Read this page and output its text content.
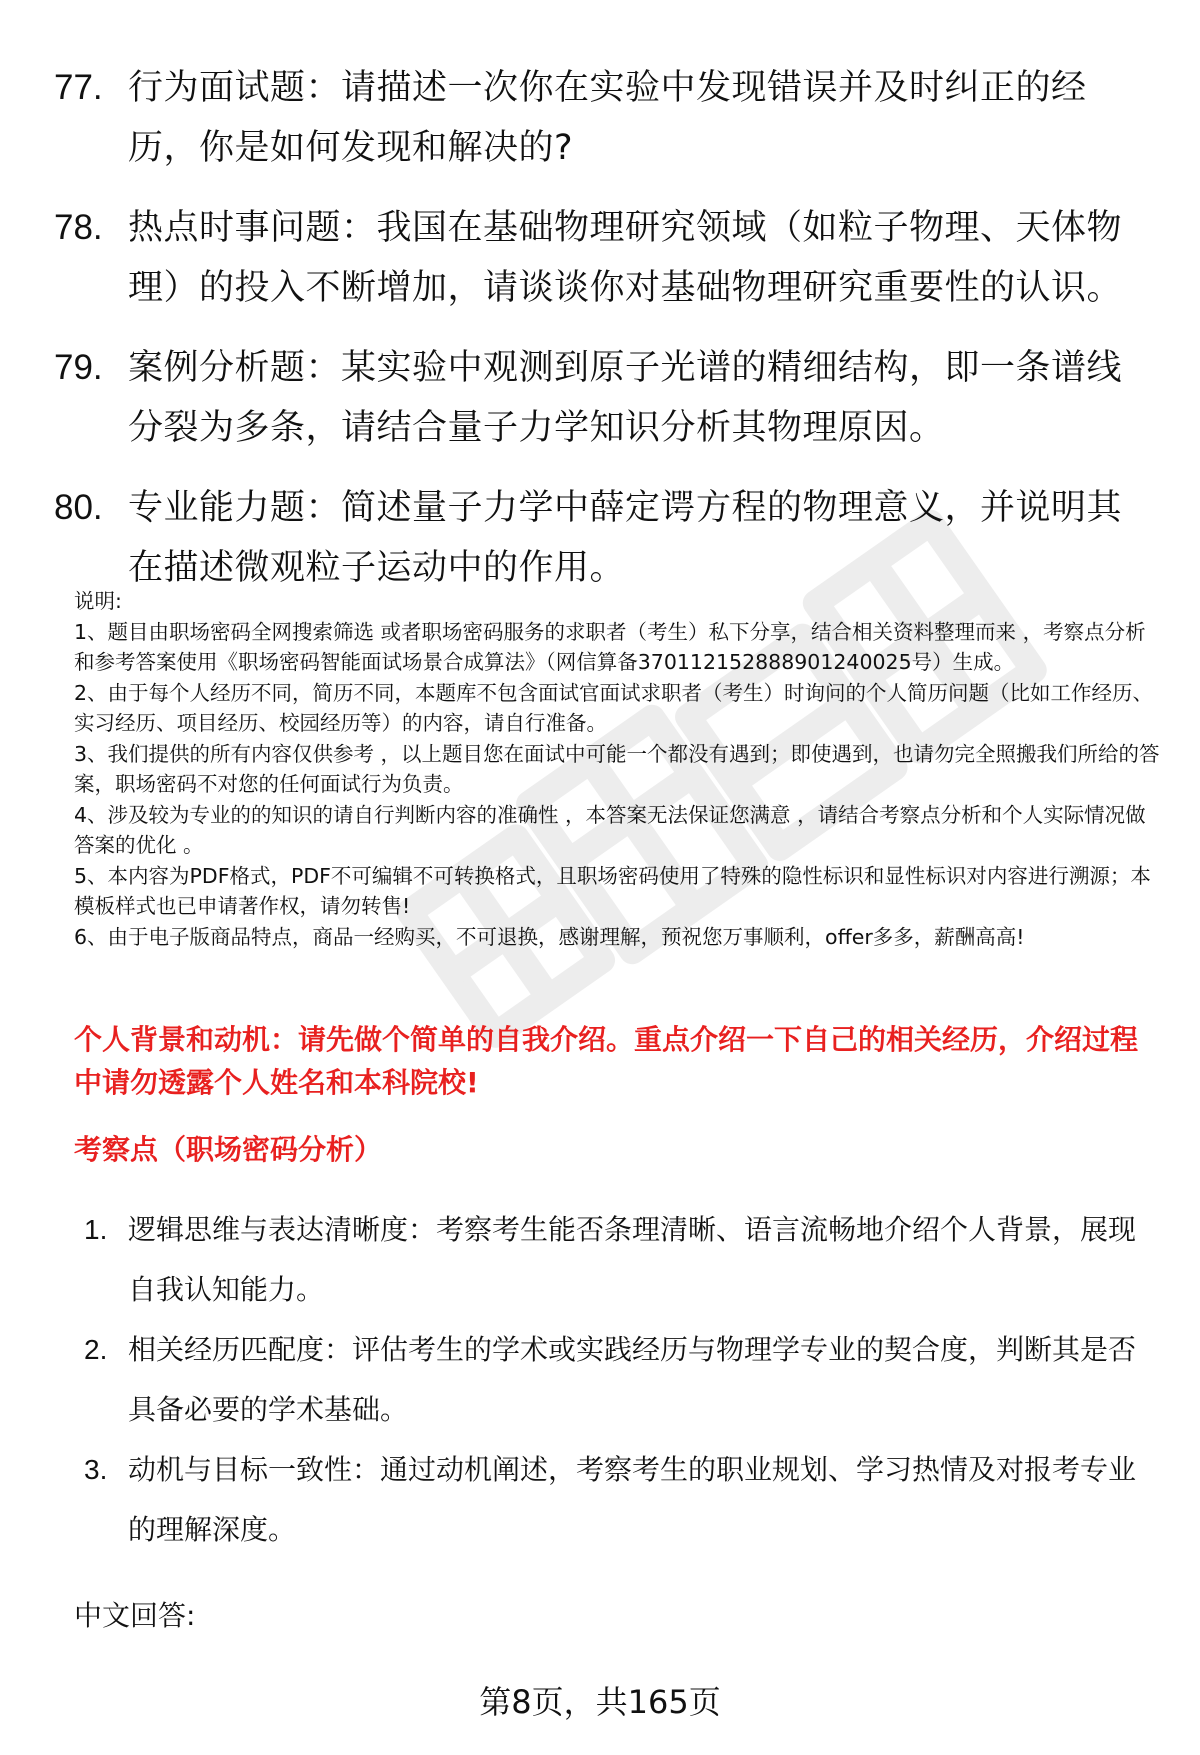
77. 行为面试题：请描述一次你在实验中发现错误并及时纠正的经历，你是如何发现和解决的?
78. 热点时事问题：我国在基础物理研究领域（如粒子物理、天体物理）的投入不断增加，请谈谈你对基础物理研究重要性的认识。
79. 案例分析题：某实验中观测到原子光谱的精细结构，即一条谱线分裂为多条，请结合量子力学知识分析其物理原因。
80. 专业能力题：简述量子力学中薛定谔方程的物理意义，并说明其在描述微观粒子运动中的作用。

说明:

1、题目由职场密码全网搜索筛选 或者职场密码服务的求职者（考生）私下分享，结合相关资料整理而来 ，考察点分析和参考答案使用《职场密码智能面试场景合成算法》（网信算备370112152888901240025号）生成。

2、由于每个人经历不同，简历不同，本题库不包含面试官面试求职者（考生）时询问的个人简历问题（比如工作经历、实习经历、项目经历、校园经历等）的内容，请自行准备。

3、我们提供的所有内容仅供参考 ，以上题目您在面试中可能一个都没有遇到；即使遇到，也请勿完全照搬我们所给的答案，职场密码不对您的任何面试行为负责。

4、涉及较为专业的的知识的请自行判断内容的准确性 ，本答案无法保证您满意 ，请结合考察点分析和个人实际情况做答案的优化 。

5、本内容为PDF格式，PDF不可编辑不可转换格式，且职场密码使用了特殊的隐性标识和显性标识对内容进行溯源；本模板样式也已申请著作权，请勿转售!

6、由于电子版商品特点，商品一经购买，不可退换，感谢理解，预祝您万事顺利，offer多多，薪酬高高!

个人背景和动机：请先做个简单的自我介绍。重点介绍一下自己的相关经历，介绍过程中请勿透露个人姓名和本科院校!
考察点（职场密码分析）
1. 逻辑思维与表达清晰度：考察考生能否条理清晰、语言流畅地介绍个人背景，展现自我认知能力。
2. 相关经历匹配度：评估考生的学术或实践经历与物理学专业的契合度，判断其是否具备必要的学术基础。
3. 动机与目标一致性：通过动机阐述，考察考生的职业规划、学习热情及对报考专业的理解深度。
中文回答:
第8页，共165页
